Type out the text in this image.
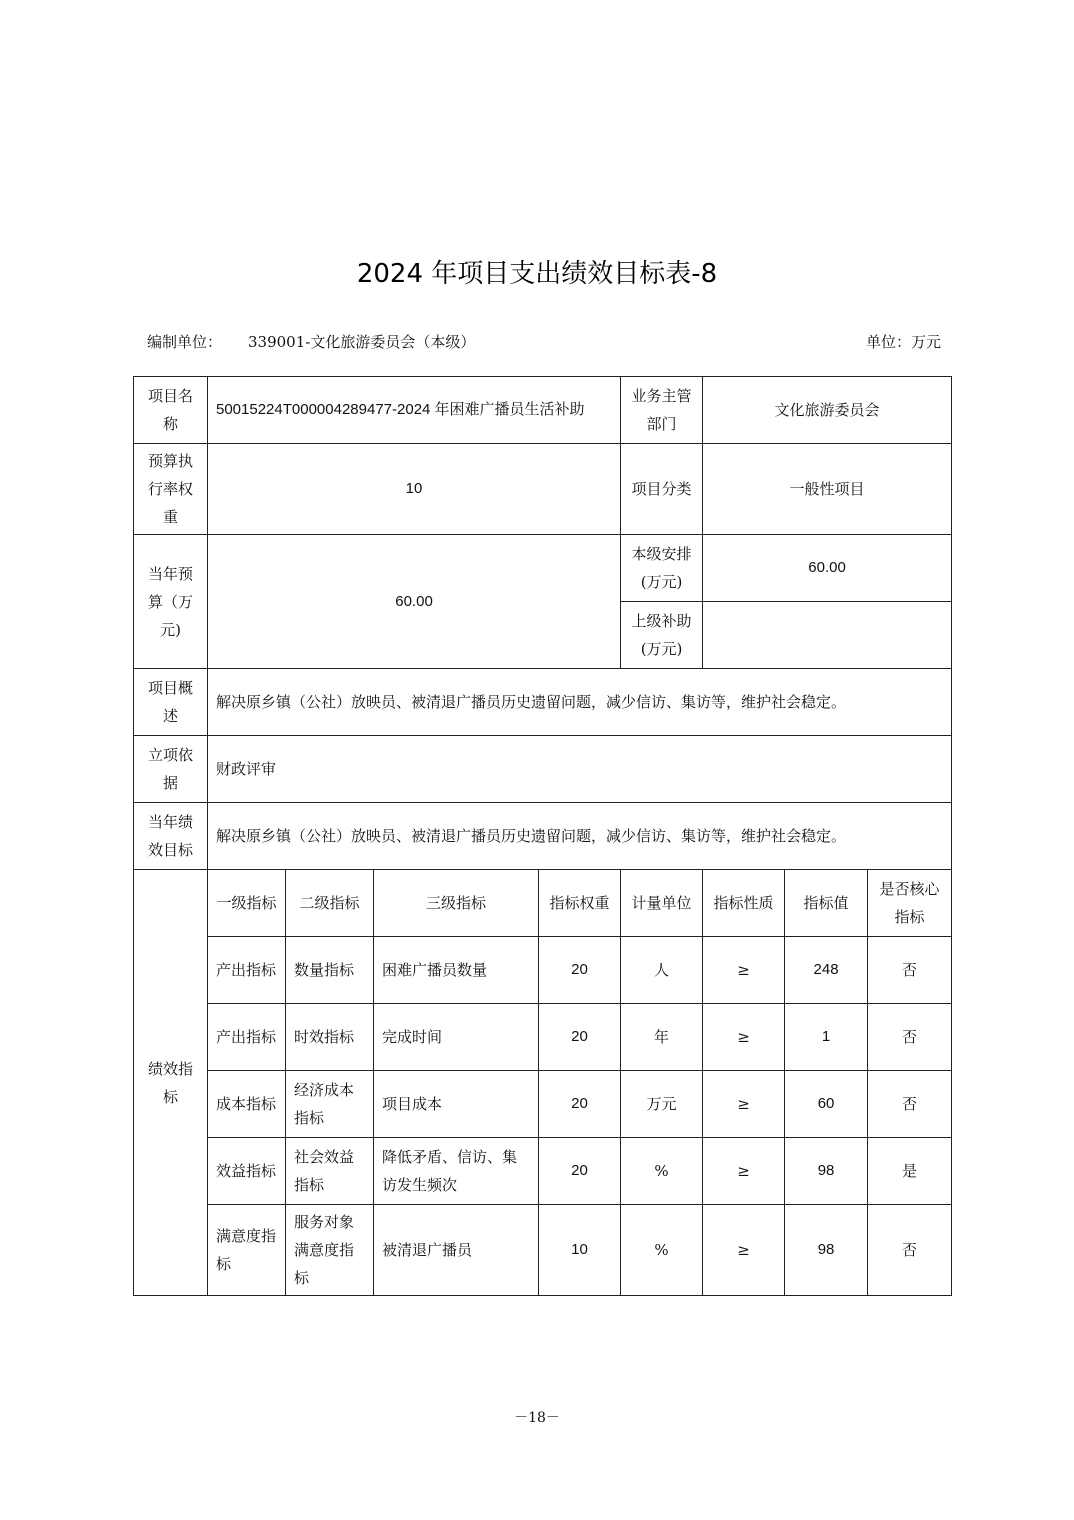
2024 年项目支出绩效目标表-8
编制单位： 339001-文化旅游委员会（本级）	单位：万元
项目名称	50015224T000004289477-2024 年困难广播员生活补助				业务主管部门	文化旅游委员会		
预算执行率权重	10				项目分类	一般性项目		
当年预算（万元)	60.00				本级安排(万元)	60.00		
					上级补助(万元)			
项目概述	解决原乡镇（公社）放映员、被清退广播员历史遗留问题，减少信访、集访等，维护社会稳定。							
立项依据	财政评审							
当年绩效目标	解决原乡镇（公社）放映员、被清退广播员历史遗留问题，减少信访、集访等，维护社会稳定。							
绩效指标	一级指标	二级指标	三级指标	指标权重	计量单位	指标性质	指标值	是否核心指标
	产出指标	数量指标	困难广播员数量	20	人	≥	248	否
	产出指标	时效指标	完成时间	20	年	≥	1	否
	成本指标	经济成本指标	项目成本	20	万元	≥	60	否
	效益指标	社会效益指标	降低矛盾、信访、集访发生频次	20	%	≥	98	是
	满意度指标	服务对象满意度指标	被清退广播员	10	%	≥	98	否
－18－
